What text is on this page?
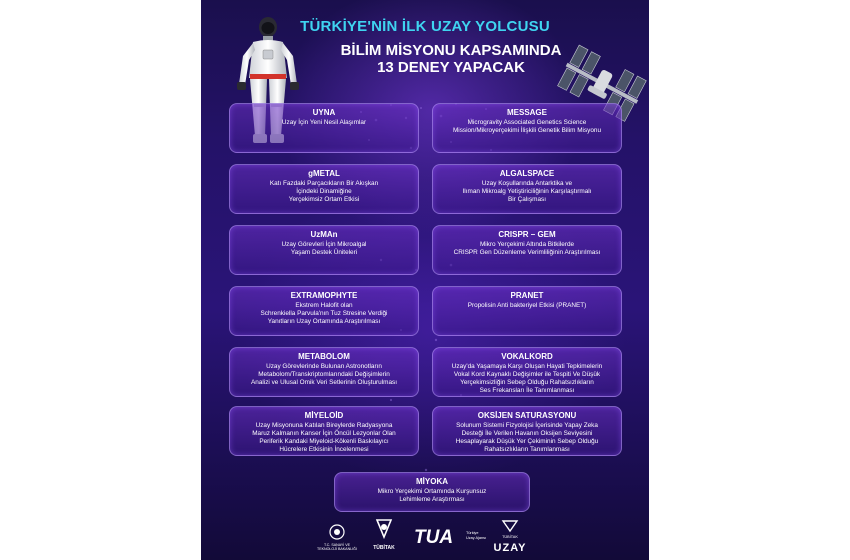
TÜRKİYE'NİN İLK UZAY YOLCUSU
BİLİM MİSYONU KAPSAMINDA
13 DENEY YAPACAK
UYNA
Uzay İçin Yeni Nesil Alaşımlar
MESSAGE
Microgravity Associated Genetics Science
Mission/Mikroyerçekimi İlişkili Genetik Bilim Misyonu
gMETAL
Katı Fazdaki Parçacıkların Bir Akışkan
İçindeki Dinamiğine
Yerçekimsiz Ortam Etkisi
ALGALSPACE
Uzay Koşullarında Antarktika ve
Ilıman Mikroalg Yetiştiriciliğinin Karşılaştırmalı
Bir Çalışması
UzMAn
Uzay Görevleri İçin Mikroalgal
Yaşam Destek Üniteleri
CRISPR – GEM
Mikro Yerçekimi Altında Bitkilerde
CRISPR Gen Düzenleme Verimliliğinin Araştırılması
EXTRAMOPHYTE
Ekstrem Halofit olan
Schrenkiella Parvula'nın Tuz Stresine Verdiği
Yanıtların Uzay Ortamında Araştırılması
PRANET
Propolisin Anti bakteriyel Etkisi (PRANET)
METABOLOM
Uzay Görevlerinde Bulunan Astronotların
Metabolom/Transkriptomlarındaki Değişimlerin
Analizi ve Ulusal Omik Veri Setlerinin Oluşturulması
VOKALKORD
Uzay'da Yaşamaya Karşı Oluşan Hayati Tepkimelerin
Vokal Kord Kaynaklı Değişimler ile Tespiti Ve Düşük
Yerçekimsizliğin Sebep Olduğu Rahatsızlıkların
Ses Frekansları İle Tanımlanması
MİYELOİD
Uzay Misyonuna Katılan Bireylerde Radyasyona
Maruz Kalmanın Kanser İçin Öncül Lezyonlar Olan
Periferik Kandaki Miyeloid-Kökenli Baskılayıcı
Hücrelere Etkisinin İncelenmesi
OKSİJEN SATURASYONU
Solunum Sistemi Fizyolojisi İçerisinde Yapay Zeka
Desteği İle Verilen Havanın Oksijen Seviyesini
Hesaplayarak Düşük Yer Çekiminin Sebep Olduğu
Rahatsızlıkların Tanımlanması
MİYOKA
Mikro Yerçekimi Ortamında Kurşunsuz
Lehimleme Araştırması
T.C. SANAYİ VE
TEKNOLOJİ BAKANLIĞI	TÜBİTAK TUA	Türkiye
Uzay Ajansı	TÜBİTAK
UZAY
